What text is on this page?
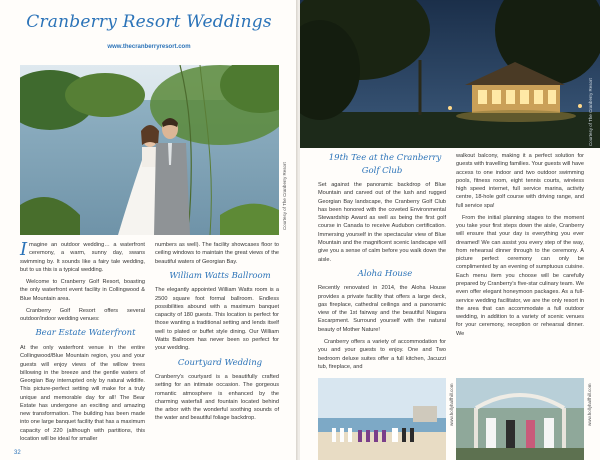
Cranberry Resort Weddings
www.thecranberryresort.com
Courtesy of The Cranberry Resort

Imagine an outdoor wedding… a waterfront ceremony, a warm, sunny day, swans swimming by. It sounds like a fairy tale wedding, but to us this is a typical wedding.

Welcome to Cranberry Golf Resort, boasting the only waterfront event facility in Collingwood & Blue Mountain area.

Cranberry Golf Resort offers several outdoor/indoor wedding venues:

Bear Estate Waterfront

At the only waterfront venue in the entire Collingwood/Blue Mountain region, you and your guests will enjoy views of the willow trees billowing in the breeze and the gentle waters of Georgian Bay interrupted only by natural wildlife. This picture-perfect setting will make for a truly unique and memorable day for all! The Bear Estate has undergone an exciting and amazing new transformation. The building has been made into one large banquet facility that has a maximum capacity of 220 (although with partitions, this location will be ideal for smaller

numbers as well). The facility showcases floor to ceiling windows to maintain the great views of the beautiful waters of Georgian Bay.

William Watts Ballroom

The elegantly appointed William Watts room is a 2500 square foot formal ballroom. Endless possibilities abound with a maximum banquet capacity of 180 guests. This location is perfect for those wanting a traditional setting and lends itself well to plated or buffet style dining. Our William Watts Ballroom has never been so perfect for your wedding.

Courtyard Wedding

Cranberry's courtyard is a beautifully crafted setting for an intimate occasion. The gorgeous romantic atmosphere is enhanced by the charming waterfall and fountain located behind the arbor with the wonderful soothing sounds of the water and beautiful foliage backdrop.

32
Courtesy of The Cranberry Resort

19th Tee at the Cranberry Golf Club

Set against the panoramic backdrop of Blue Mountain and carved out of the lush and rugged Georgian Bay landscape, the Cranberry Golf Club has been honored with the coveted Environmental Stewardship Award as well as being the first golf course in Canada to receive Audubon certification. Immersing yourself in the spectacular view of Blue Mountain and the magnificent scenic landscape will give you a sense of calm before you walk down the aisle.

Aloha House

Recently renovated in 2014, the Aloha House provides a private facility that offers a large deck, gas fireplace, cathedral ceilings and a panoramic view of the 1st fairway and the beautiful Niagara Escarpment. Surround yourself with the natural beauty of Mother Nature!

Cranberry offers a variety of accommodation for you and your guests to enjoy. One and Two bedroom deluxe suites offer a full kitchen, Jacuzzi tub, fireplace, and

walkout balcony, making it a perfect solution for guests with travelling families. Your guests will have access to one indoor and two outdoor swimming pools, fitness room, eight tennis courts, wireless high speed internet, full service marina, activity centre, 18-hole golf course with driving range, and full service spa!

From the initial planning stages to the moment you take your first steps down the aisle, Cranberry will ensure that your day is everything you ever dreamed! We can assist you every step of the way, from rehearsal dinner through to the ceremony. A picture perfect ceremony can only be complimented by an evening of sumptuous cuisine. Each menu item you choose will be carefully prepared by Cranberry's five-star culinary team. We even offer elegant honeymoon packages. As a full-service wedding facilitator, we are the only resort in the area that can accommodate a full outdoor wedding, in addition to a variety of scenic venues for your ceremony, reception or rehearsal dinner. We

www.hollyhalfhill.com	www.hollyhalfhill.com
